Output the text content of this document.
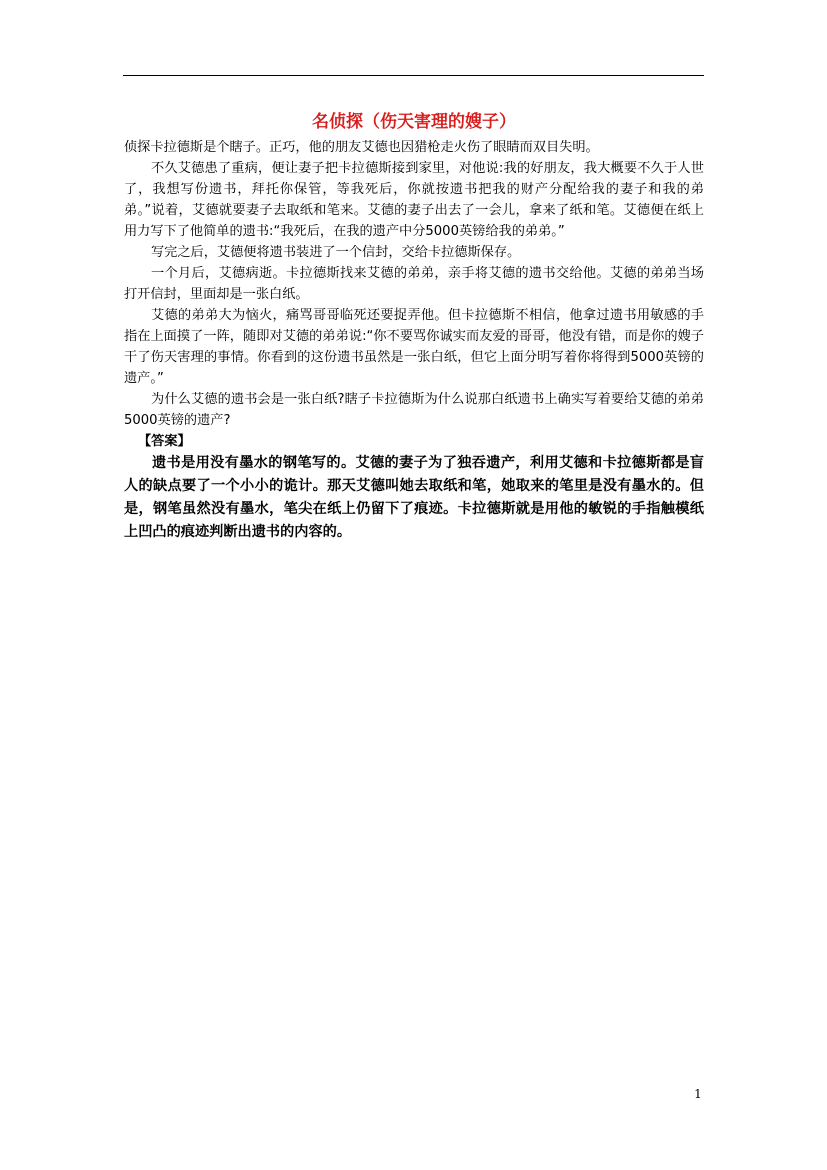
名侦探（伤天害理的嫂子）

侦探卡拉德斯是个瞎子。正巧，他的朋友艾德也因猎枪走火伤了眼睛而双目失明。

不久艾德患了重病，便让妻子把卡拉德斯接到家里，对他说:我的好朋友，我大概要不久于人世了，我想写份遗书，拜托你保管，等我死后，你就按遗书把我的财产分配给我的妻子和我的弟弟。”说着，艾德就要妻子去取纸和笔来。艾德的妻子出去了一会儿，拿来了纸和笔。艾德便在纸上用力写下了他简单的遗书:“我死后，在我的遗产中分5000英镑给我的弟弟。”

写完之后，艾德便将遗书装进了一个信封，交给卡拉德斯保存。

一个月后，艾德病逝。卡拉德斯找来艾德的弟弟，亲手将艾德的遗书交给他。艾德的弟弟当场打开信封，里面却是一张白纸。

艾德的弟弟大为恼火，痛骂哥哥临死还要捉弄他。但卡拉德斯不相信，他拿过遗书用敏感的手指在上面摸了一阵，随即对艾德的弟弟说:“你不要骂你诚实而友爱的哥哥，他没有错，而是你的嫂子干了伤天害理的事情。你看到的这份遗书虽然是一张白纸，但它上面分明写着你将得到5000英镑的遗产。”

为什么艾德的遗书会是一张白纸?瞎子卡拉德斯为什么说那白纸遗书上确实写着要给艾德的弟弟5000英镑的遗产?

【答案】

遗书是用没有墨水的钢笔写的。艾德的妻子为了独吞遗产，利用艾德和卡拉德斯都是盲人的缺点要了一个小小的诡计。那天艾德叫她去取纸和笔，她取来的笔里是没有墨水的。但是，钢笔虽然没有墨水，笔尖在纸上仍留下了痕迹。卡拉德斯就是用他的敏锐的手指触模纸上凹凸的痕迹判断出遗书的内容的。

1
